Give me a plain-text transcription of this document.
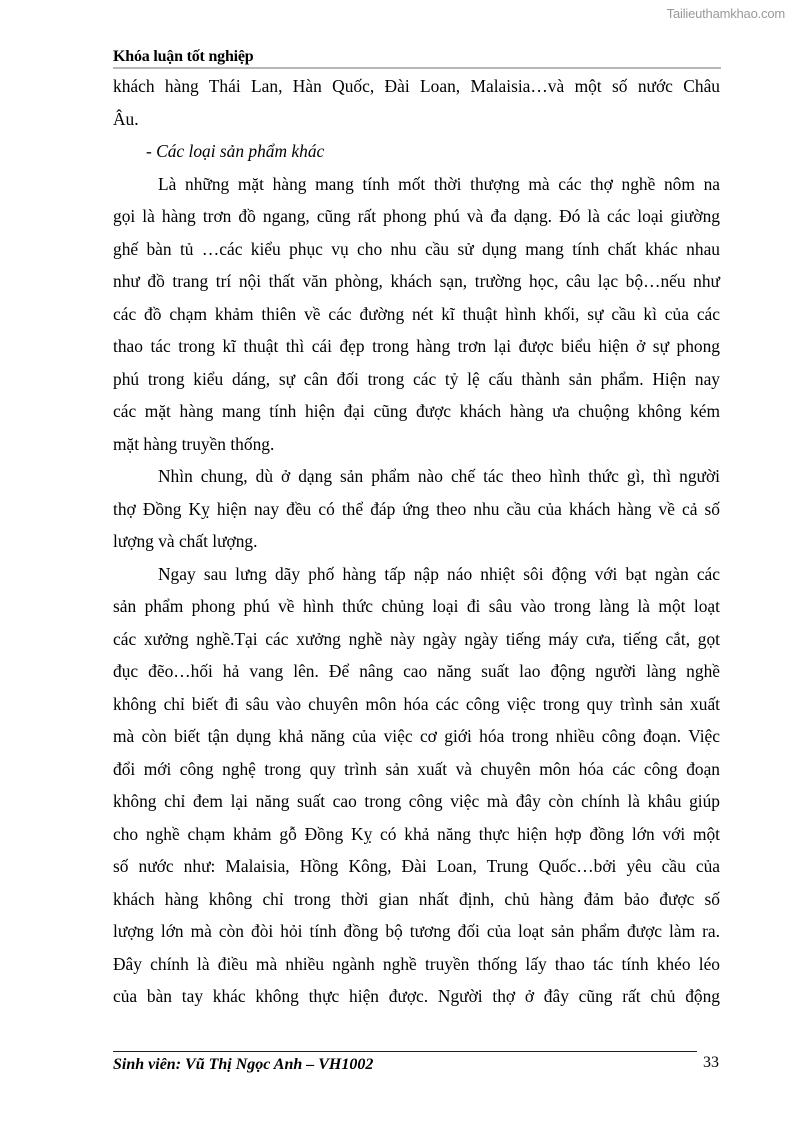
Tailieuthamkhao.com
Khóa luận tốt nghiệp
khách hàng Thái Lan, Hàn Quốc, Đài Loan, Malaisia…và một số nước Châu
Âu.
- Các loại sản phẩm khác
Là những mặt hàng mang tính mốt thời thượng mà các thợ nghề nôm na
gọi là hàng trơn đồ ngang, cũng rất phong phú và đa dạng. Đó là các loại giường
ghế bàn tủ …các kiểu phục vụ cho nhu cầu sử dụng mang tính chất khác nhau
như đồ trang trí nội thất văn phòng, khách sạn, trường học, câu lạc bộ…nếu như
các đồ chạm khảm thiên về các đường nét kĩ thuật hình khối, sự cầu kì của các
thao tác trong kĩ thuật thì cái đẹp trong hàng trơn lại được biểu hiện ở sự phong
phú trong kiểu dáng, sự cân đối trong các tỷ lệ cấu thành sản phẩm. Hiện nay
các mặt hàng mang tính hiện đại cũng được khách hàng ưa chuộng không kém
mặt hàng truyền thống.
Nhìn chung, dù ở dạng sản phẩm nào chế tác theo hình thức gì, thì người
thợ Đồng Kỵ hiện nay đều có thể đáp ứng theo nhu cầu của khách hàng về cả số
lượng và chất lượng.
Ngay sau lưng dãy phố hàng tấp nập náo nhiệt sôi động với bạt ngàn các
sản phẩm phong phú về hình thức chủng loại đi sâu vào trong làng là một loạt
các xưởng nghề.Tại các xưởng nghề này ngày ngày tiếng máy cưa, tiếng cắt, gọt
đục đẽo…hối hả vang lên. Để nâng cao năng suất lao động người làng nghề
không chỉ biết đi sâu vào chuyên môn hóa các công việc trong quy trình sản xuất
mà còn biết tận dụng khả năng của việc cơ giới hóa trong nhiều công đoạn. Việc
đổi mới công nghệ trong quy trình sản xuất và chuyên môn hóa các công đoạn
không chỉ đem lại năng suất cao trong công việc mà đây còn chính là khâu giúp
cho nghề chạm khảm gỗ Đồng Kỵ có khả năng thực hiện hợp đồng lớn với một
số nước như: Malaisia, Hồng Kông, Đài Loan, Trung Quốc…bởi yêu cầu của
khách hàng không chỉ trong thời gian nhất định, chủ hàng đảm bảo được số
lượng lớn mà còn đòi hỏi tính đồng bộ tương đối của loạt sản phẩm được làm ra.
Đây chính là điều mà nhiều ngành nghề truyền thống lấy thao tác tính khéo léo
của bàn tay khác không thực hiện được. Người thợ ở đây cũng rất chủ động
Sinh viên: Vũ Thị Ngọc Anh – VH1002	33
